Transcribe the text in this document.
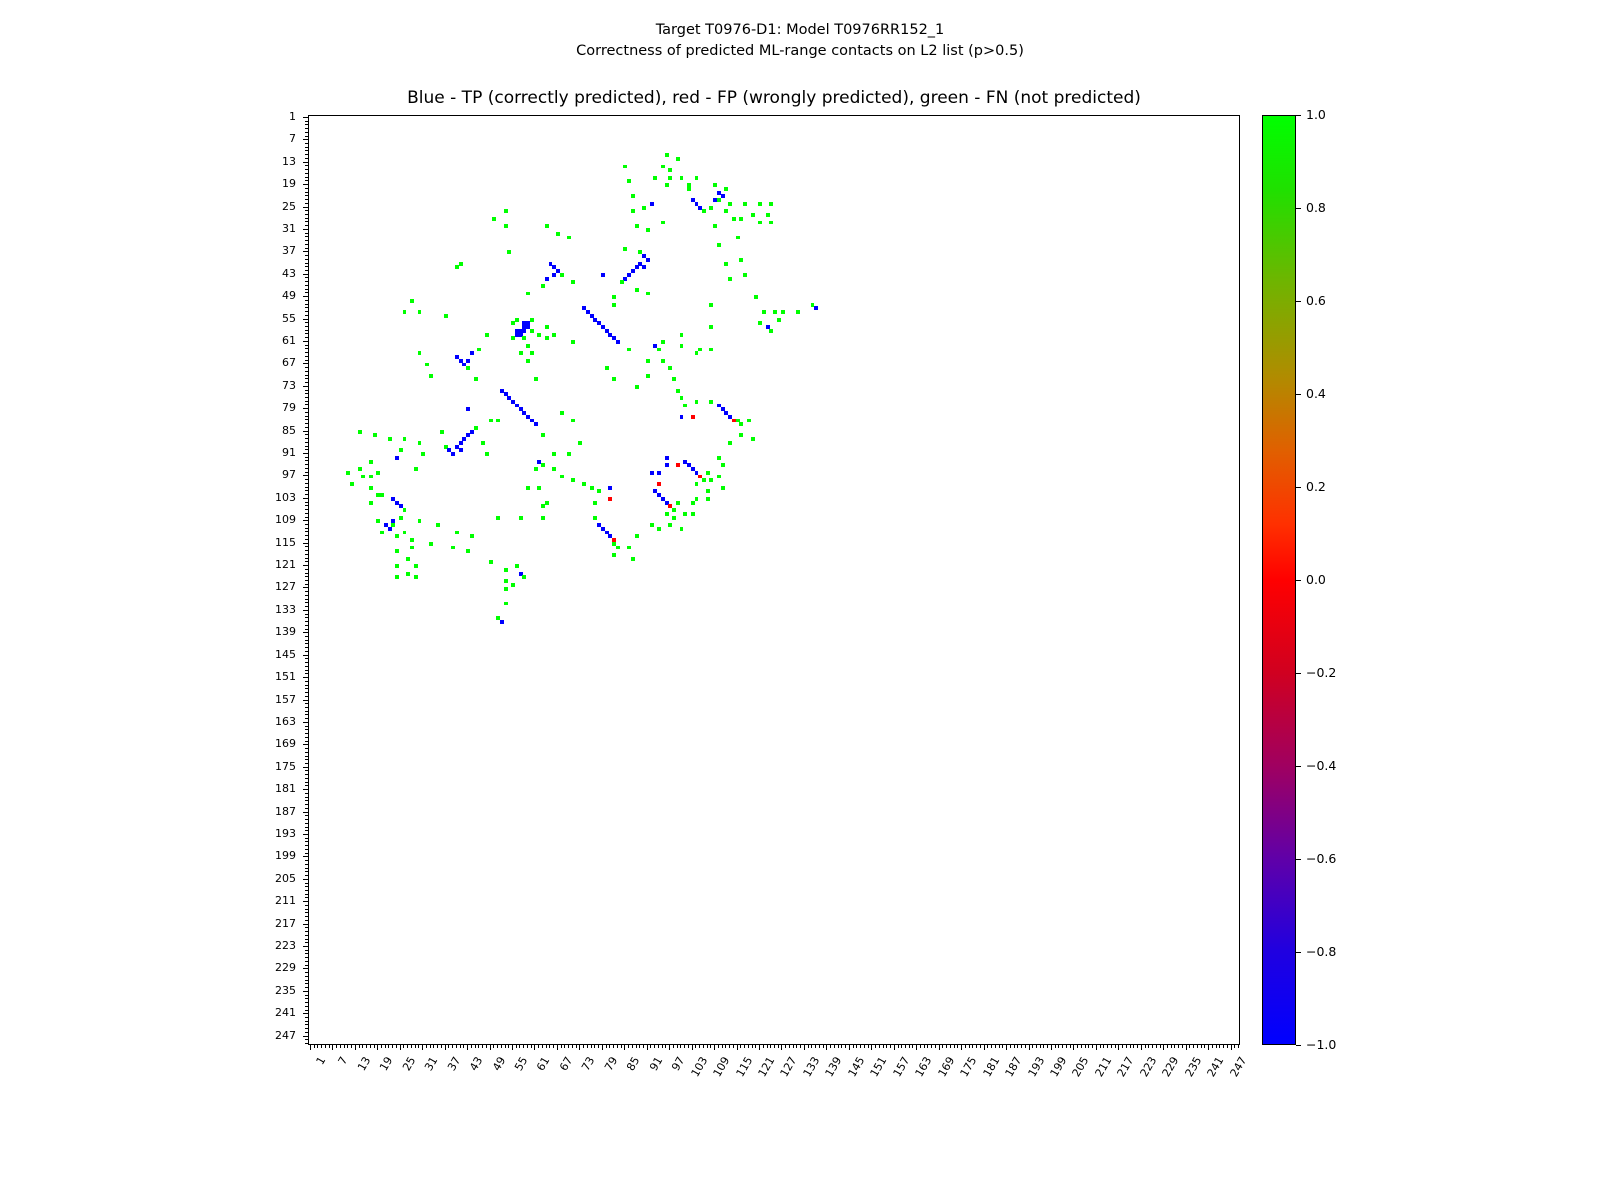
Target T0976-D1: Model T0976RR152_1
Correctness of predicted ML-range contacts on L2 list (p>0.5)
Blue - TP (correctly predicted), red - FP (wrongly predicted), green - FN (not predicted)
1
7
13
19
25
31
37
43
49
55
61
67
73
79
85
91
97
103
109
115
121
127
133
139
145
151
157
163
169
175
181
187
193
199
205
211
217
223
229
235
241
247
1 7 13 19 25 31 37 43 49 55 61 67 73 79 85 91 97 103 109 115 121 127 133 139 145 151 157 163 169 175 181 187 193 199 205 211 217 223 229 235 241 247
1.0
0.8
0.6
0.4
0.2
0.0
−0.2
−0.4
−0.6
−0.8
−1.0
